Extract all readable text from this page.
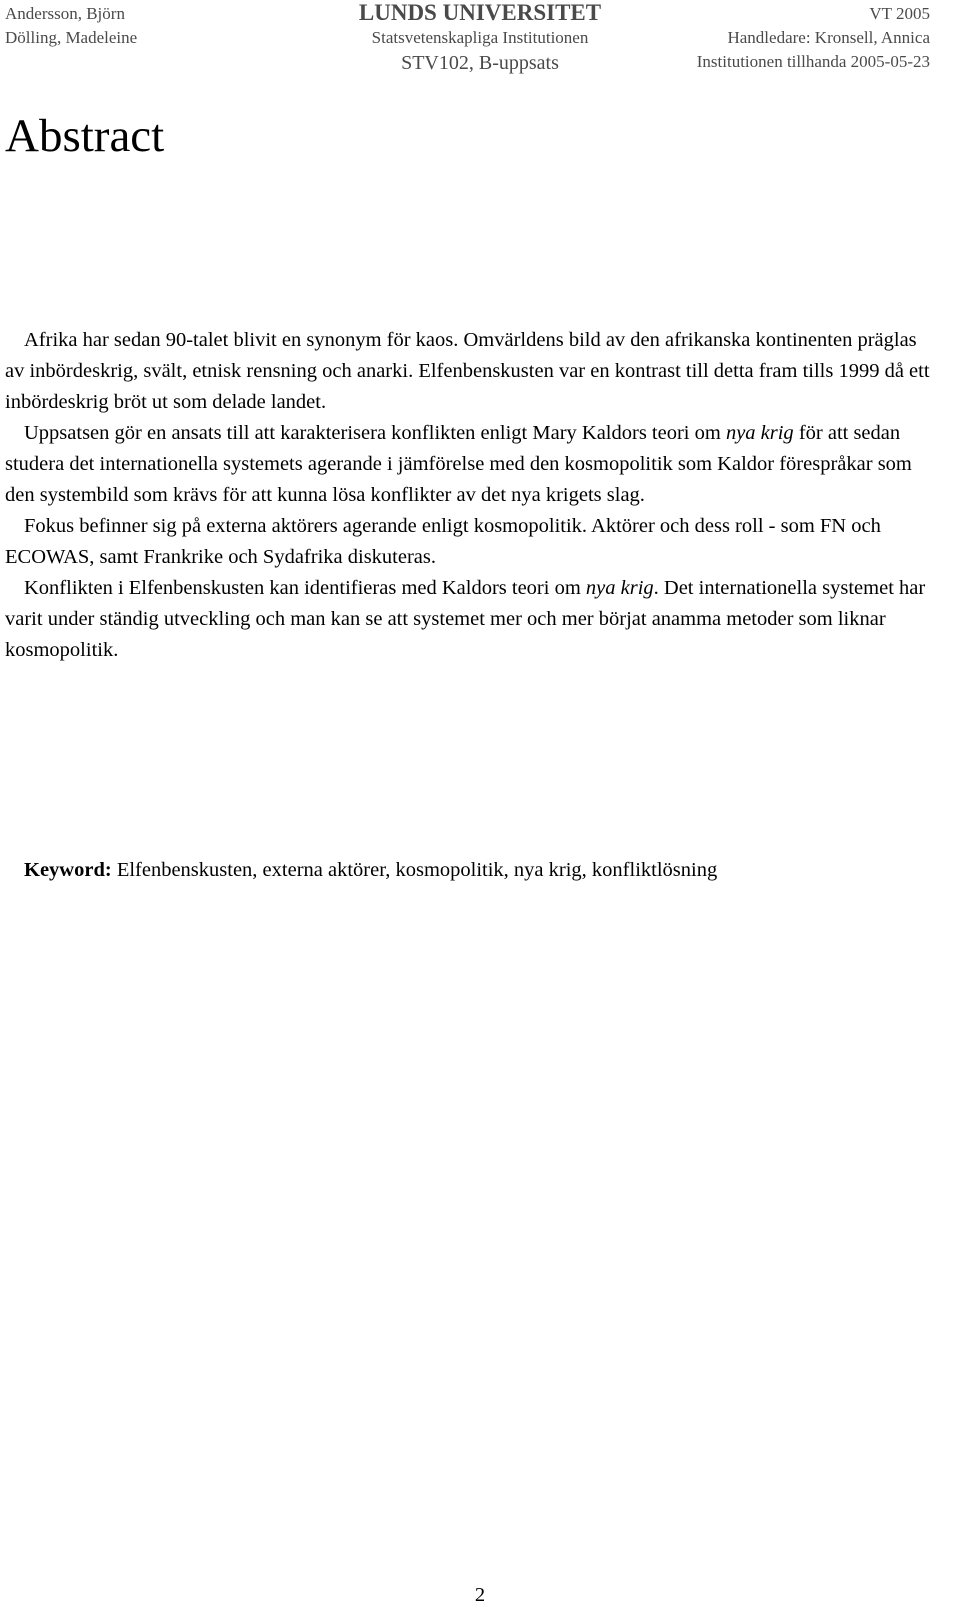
Andersson, Björn
Dölling, Madeleine
LUNDS UNIVERSITET
Statsvetenskapliga Institutionen
STV102, B-uppsats
VT 2005
Handledare: Kronsell, Annica
Institutionen tillhanda 2005-05-23
Abstract

Afrika har sedan 90-talet blivit en synonym för kaos. Omvärldens bild av den afrikanska kontinenten präglas av inbördeskrig, svält, etnisk rensning och anarki. Elfenbenskusten var en kontrast till detta fram tills 1999 då ett inbördeskrig bröt ut som delade landet.

Uppsatsen gör en ansats till att karakterisera konflikten enligt Mary Kaldors teori om nya krig för att sedan studera det internationella systemets agerande i jämförelse med den kosmopolitik som Kaldor förespråkar som den systembild som krävs för att kunna lösa konflikter av det nya krigets slag.

Fokus befinner sig på externa aktörers agerande enligt kosmopolitik. Aktörer och dess roll - som FN och ECOWAS, samt Frankrike och Sydafrika diskuteras.

Konflikten i Elfenbenskusten kan identifieras med Kaldors teori om nya krig. Det internationella systemet har varit under ständig utveckling och man kan se att systemet mer och mer börjat anamma metoder som liknar kosmopolitik.

Keyword: Elfenbenskusten, externa aktörer, kosmopolitik, nya krig, konfliktlösning
2
